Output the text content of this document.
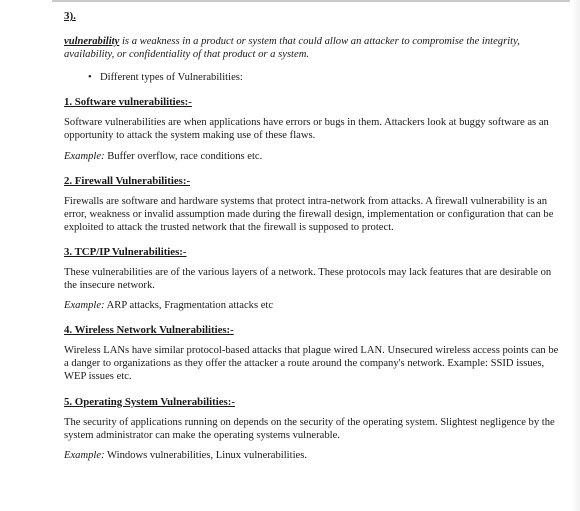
3).
vulnerability is a weakness in a product or system that could allow an attacker to compromise the integrity, availability, or confidentiality of that product or a system.
• Different types of Vulnerabilities:
1. Software vulnerabilities:-
Software vulnerabilities are when applications have errors or bugs in them. Attackers look at buggy software as an opportunity to attack the system making use of these flaws.
Example: Buffer overflow, race conditions etc.
2. Firewall Vulnerabilities:-
Firewalls are software and hardware systems that protect intra-network from attacks. A firewall vulnerability is an error, weakness or invalid assumption made during the firewall design, implementation or configuration that can be exploited to attack the trusted network that the firewall is supposed to protect.
3. TCP/IP Vulnerabilities:-
These vulnerabilities are of the various layers of a network. These protocols may lack features that are desirable on the insecure network.
Example: ARP attacks, Fragmentation attacks etc
4. Wireless Network Vulnerabilities:-
Wireless LANs have similar protocol-based attacks that plague wired LAN. Unsecured wireless access points can be a danger to organizations as they offer the attacker a route around the company's network. Example: SSID issues, WEP issues etc.
5. Operating System Vulnerabilities:-
The security of applications running on depends on the security of the operating system. Slightest negligence by the system administrator can make the operating systems vulnerable.
Example: Windows vulnerabilities, Linux vulnerabilities.
